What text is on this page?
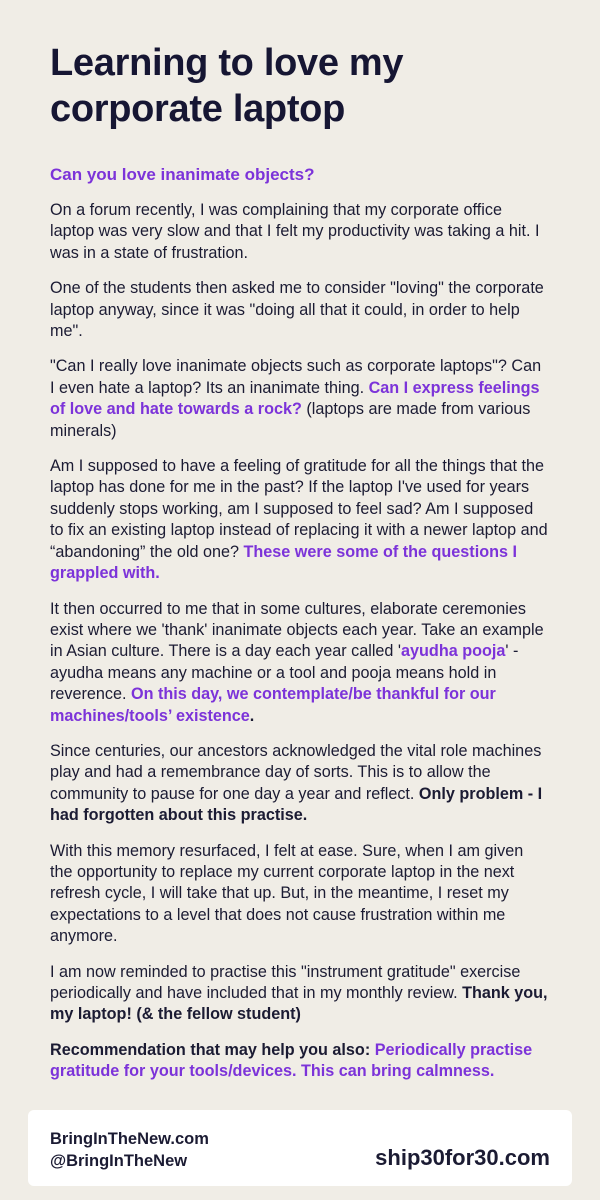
Learning to love my corporate laptop
Can you love inanimate objects?

On a forum recently, I was complaining that my corporate office laptop was very slow and that I felt my productivity was taking a hit. I was in a state of frustration.

One of the students then asked me to consider "loving" the corporate laptop anyway, since it was "doing all that it could, in order to help me".

"Can I really love inanimate objects such as corporate laptops"? Can I even hate a laptop? Its an inanimate thing. Can I express feelings of love and hate towards a rock? (laptops are made from various minerals)

Am I supposed to have a feeling of gratitude for all the things that the laptop has done for me in the past? If the laptop I've used for years suddenly stops working, am I supposed to feel sad? Am I supposed to fix an existing laptop instead of replacing it with a newer laptop and “abandoning” the old one? These were some of the questions I grappled with.

It then occurred to me that in some cultures, elaborate ceremonies exist where we 'thank' inanimate objects each year. Take an example in Asian culture. There is a day each year called 'ayudha pooja' - ayudha means any machine or a tool and pooja means hold in reverence. On this day, we contemplate/be thankful for our machines/tools’ existence.

Since centuries, our ancestors acknowledged the vital role machines play and had a remembrance day of sorts. This is to allow the community to pause for one day a year and reflect. Only problem - I had forgotten about this practise.

With this memory resurfaced, I felt at ease. Sure, when I am given the opportunity to replace my current corporate laptop in the next refresh cycle, I will take that up. But, in the meantime, I reset my expectations to a level that does not cause frustration within me anymore.

I am now reminded to practise this "instrument gratitude" exercise periodically and have included that in my monthly review. Thank you, my laptop! (& the fellow student)

Recommendation that may help you also: Periodically practise gratitude for your tools/devices. This can bring calmness.

BringInTheNew.com
@BringInTheNew	ship30for30.com
